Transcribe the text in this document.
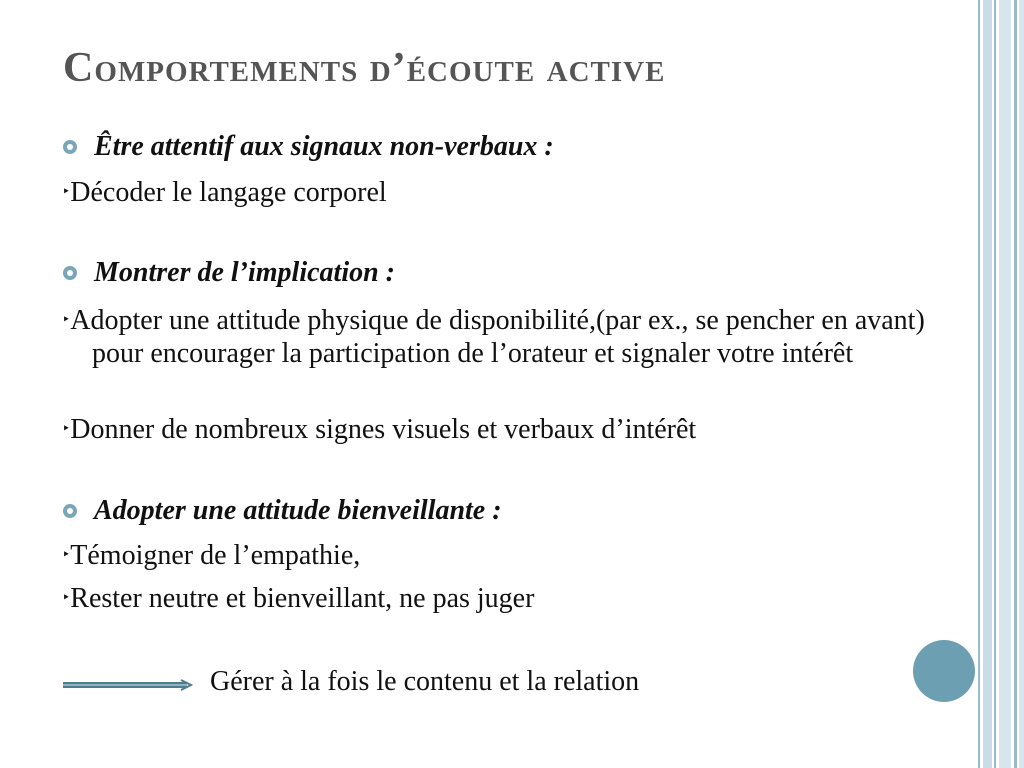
Comportements d’écoute active
Être attentif aux signaux non-verbaux :
‣Décoder le langage corporel
Montrer de l’implication :
‣Adopter une attitude physique de disponibilité,(par ex., se pencher en avant) pour encourager la participation de l’orateur et signaler votre intérêt
‣Donner de nombreux signes visuels et verbaux d’intérêt
Adopter une attitude bienveillante :
‣Témoigner de l’empathie,
‣Rester neutre et bienveillant, ne pas juger
Gérer à la fois le contenu et la relation
